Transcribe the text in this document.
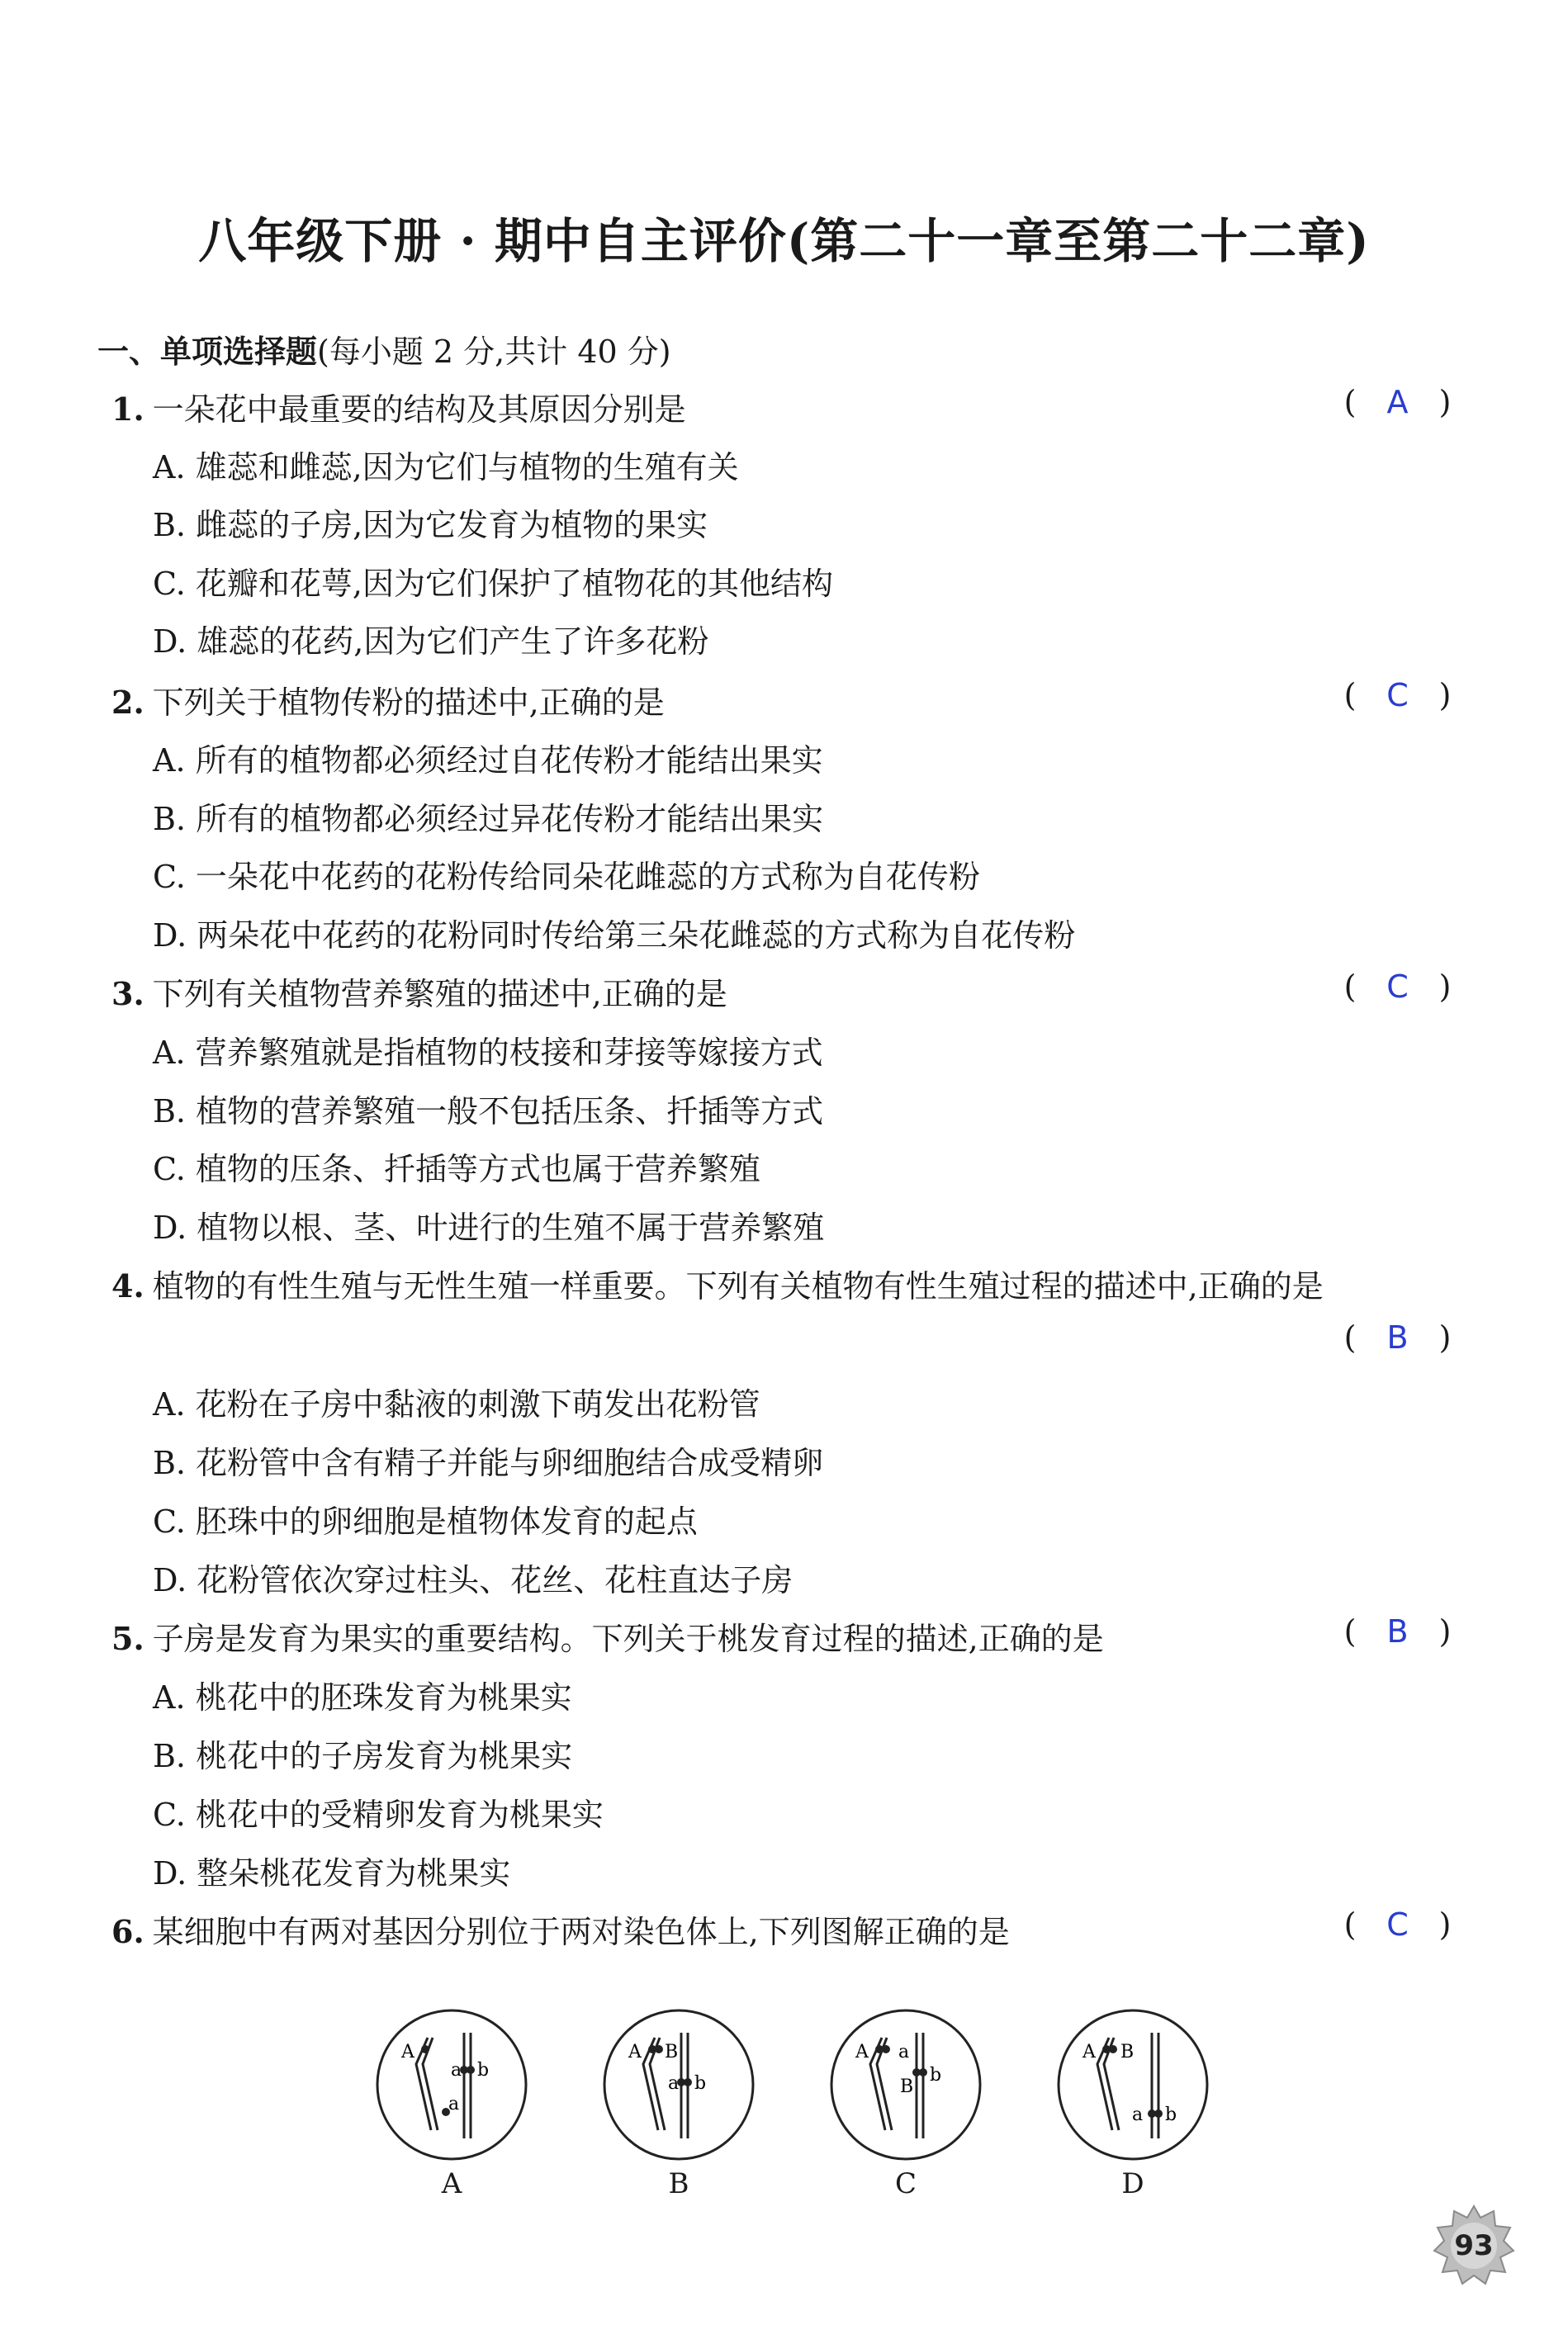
八年级下册 · 期中自主评价(第二十一章至第二十二章)
一、单项选择题(每小题 2 分,共计 40 分)
1. 一朵花中最重要的结构及其原因分别是	( A )
A. 雄蕊和雌蕊,因为它们与植物的生殖有关
B. 雌蕊的子房,因为它发育为植物的果实
C. 花瓣和花萼,因为它们保护了植物花的其他结构
D. 雄蕊的花药,因为它们产生了许多花粉
2. 下列关于植物传粉的描述中,正确的是	( C )
A. 所有的植物都必须经过自花传粉才能结出果实
B. 所有的植物都必须经过异花传粉才能结出果实
C. 一朵花中花药的花粉传给同朵花雌蕊的方式称为自花传粉
D. 两朵花中花药的花粉同时传给第三朵花雌蕊的方式称为自花传粉
3. 下列有关植物营养繁殖的描述中,正确的是	( C )
A. 营养繁殖就是指植物的枝接和芽接等嫁接方式
B. 植物的营养繁殖一般不包括压条、扦插等方式
C. 植物的压条、扦插等方式也属于营养繁殖
D. 植物以根、茎、叶进行的生殖不属于营养繁殖
4. 植物的有性生殖与无性生殖一样重要。下列有关植物有性生殖过程的描述中,正确的是
( B )
A. 花粉在子房中黏液的刺激下萌发出花粉管
B. 花粉管中含有精子并能与卵细胞结合成受精卵
C. 胚珠中的卵细胞是植物体发育的起点
D. 花粉管依次穿过柱头、花丝、花柱直达子房
5. 子房是发育为果实的重要结构。下列关于桃发育过程的描述,正确的是	( B )
A. 桃花中的胚珠发育为桃果实
B. 桃花中的子房发育为桃果实
C. 桃花中的受精卵发育为桃果实
D. 整朵桃花发育为桃果实
6. 某细胞中有两对基因分别位于两对染色体上,下列图解正确的是	( C )
A
a
a b
A
A B
a b
B
A a
B
b
C
A B
a b
D
93
